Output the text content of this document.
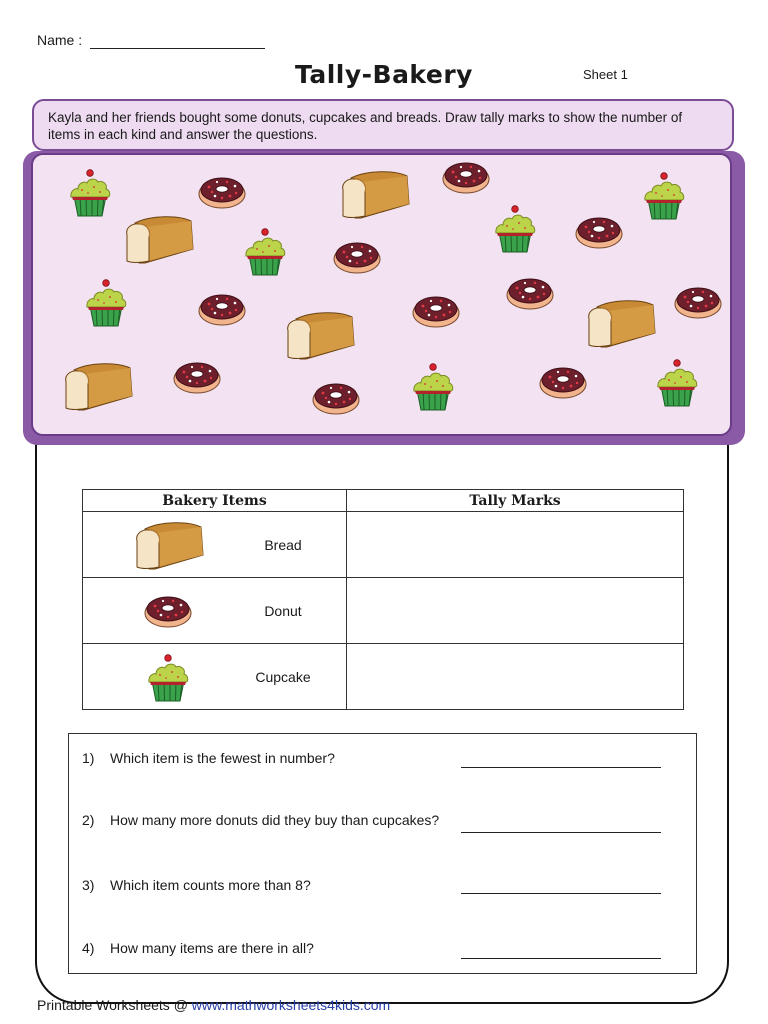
Name :
Tally-Bakery	Sheet 1
Kayla and her friends bought some donuts, cupcakes and breads. Draw tally marks to show the number of items in each kind and answer the questions.
Bakery Items	Tally Marks

Bread	

Donut	

Cupcake	

1) Which item is the fewest in number?
2) How many more donuts did they buy than cupcakes?
3) Which item counts more than 8?
4) How many items are there in all?
Printable Worksheets @ www.mathworksheets4kids.com
